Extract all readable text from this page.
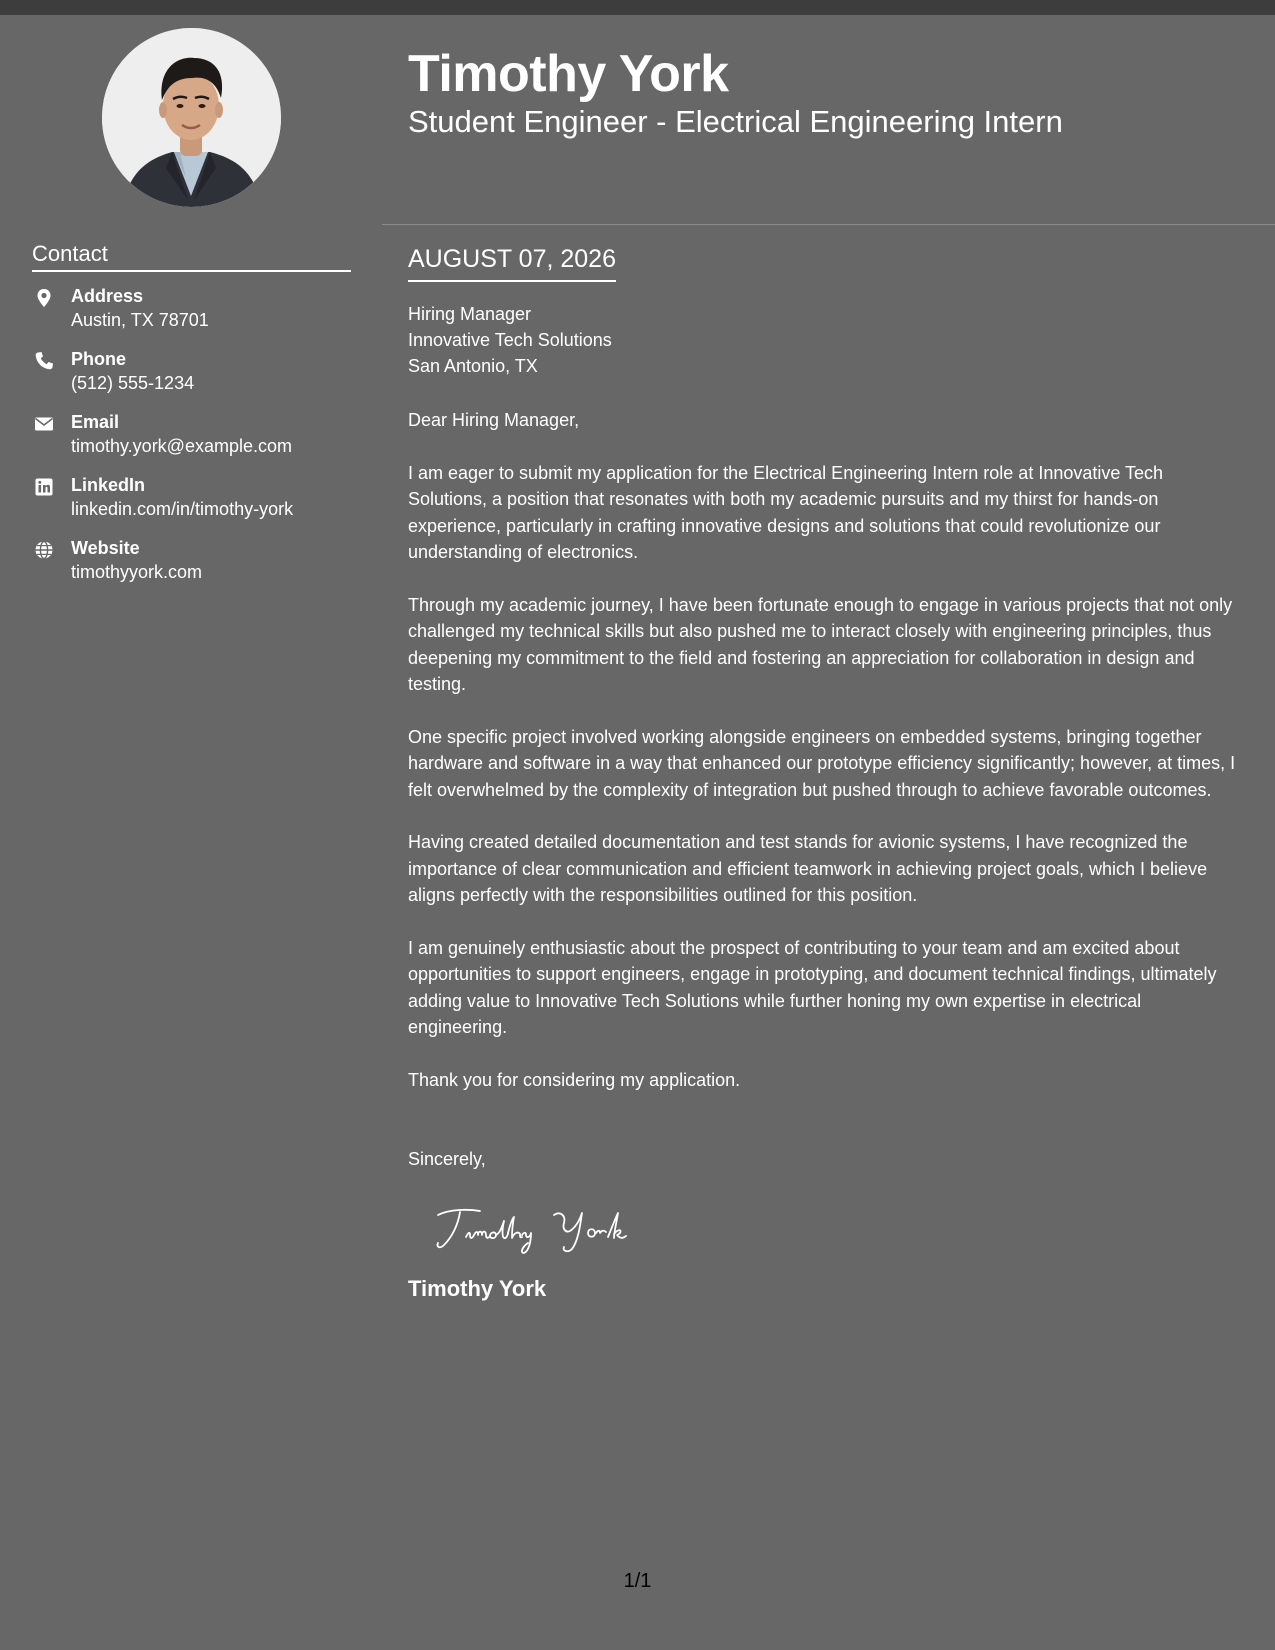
Contact
Address
Austin, TX 78701
Phone
(512) 555-1234
Email
timothy.york@example.com
LinkedIn
linkedin.com/in/timothy-york
Website
timothyyork.com
Timothy York
Student Engineer - Electrical Engineering Intern
AUGUST 07, 2026
Hiring Manager
Innovative Tech Solutions
San Antonio, TX

Dear Hiring Manager,

I am eager to submit my application for the Electrical Engineering Intern role at Innovative Tech Solutions, a position that resonates with both my academic pursuits and my thirst for hands-on experience, particularly in crafting innovative designs and solutions that could revolutionize our understanding of electronics.

Through my academic journey, I have been fortunate enough to engage in various projects that not only challenged my technical skills but also pushed me to interact closely with engineering principles, thus deepening my commitment to the field and fostering an appreciation for collaboration in design and testing.

One specific project involved working alongside engineers on embedded systems, bringing together hardware and software in a way that enhanced our prototype efficiency significantly; however, at times, I felt overwhelmed by the complexity of integration but pushed through to achieve favorable outcomes.

Having created detailed documentation and test stands for avionic systems, I have recognized the importance of clear communication and efficient teamwork in achieving project goals, which I believe aligns perfectly with the responsibilities outlined for this position.

I am genuinely enthusiastic about the prospect of contributing to your team and am excited about opportunities to support engineers, engage in prototyping, and document technical findings, ultimately adding value to Innovative Tech Solutions while further honing my own expertise in electrical engineering.

Thank you for considering my application.

Sincerely,

Timothy York
1/1
